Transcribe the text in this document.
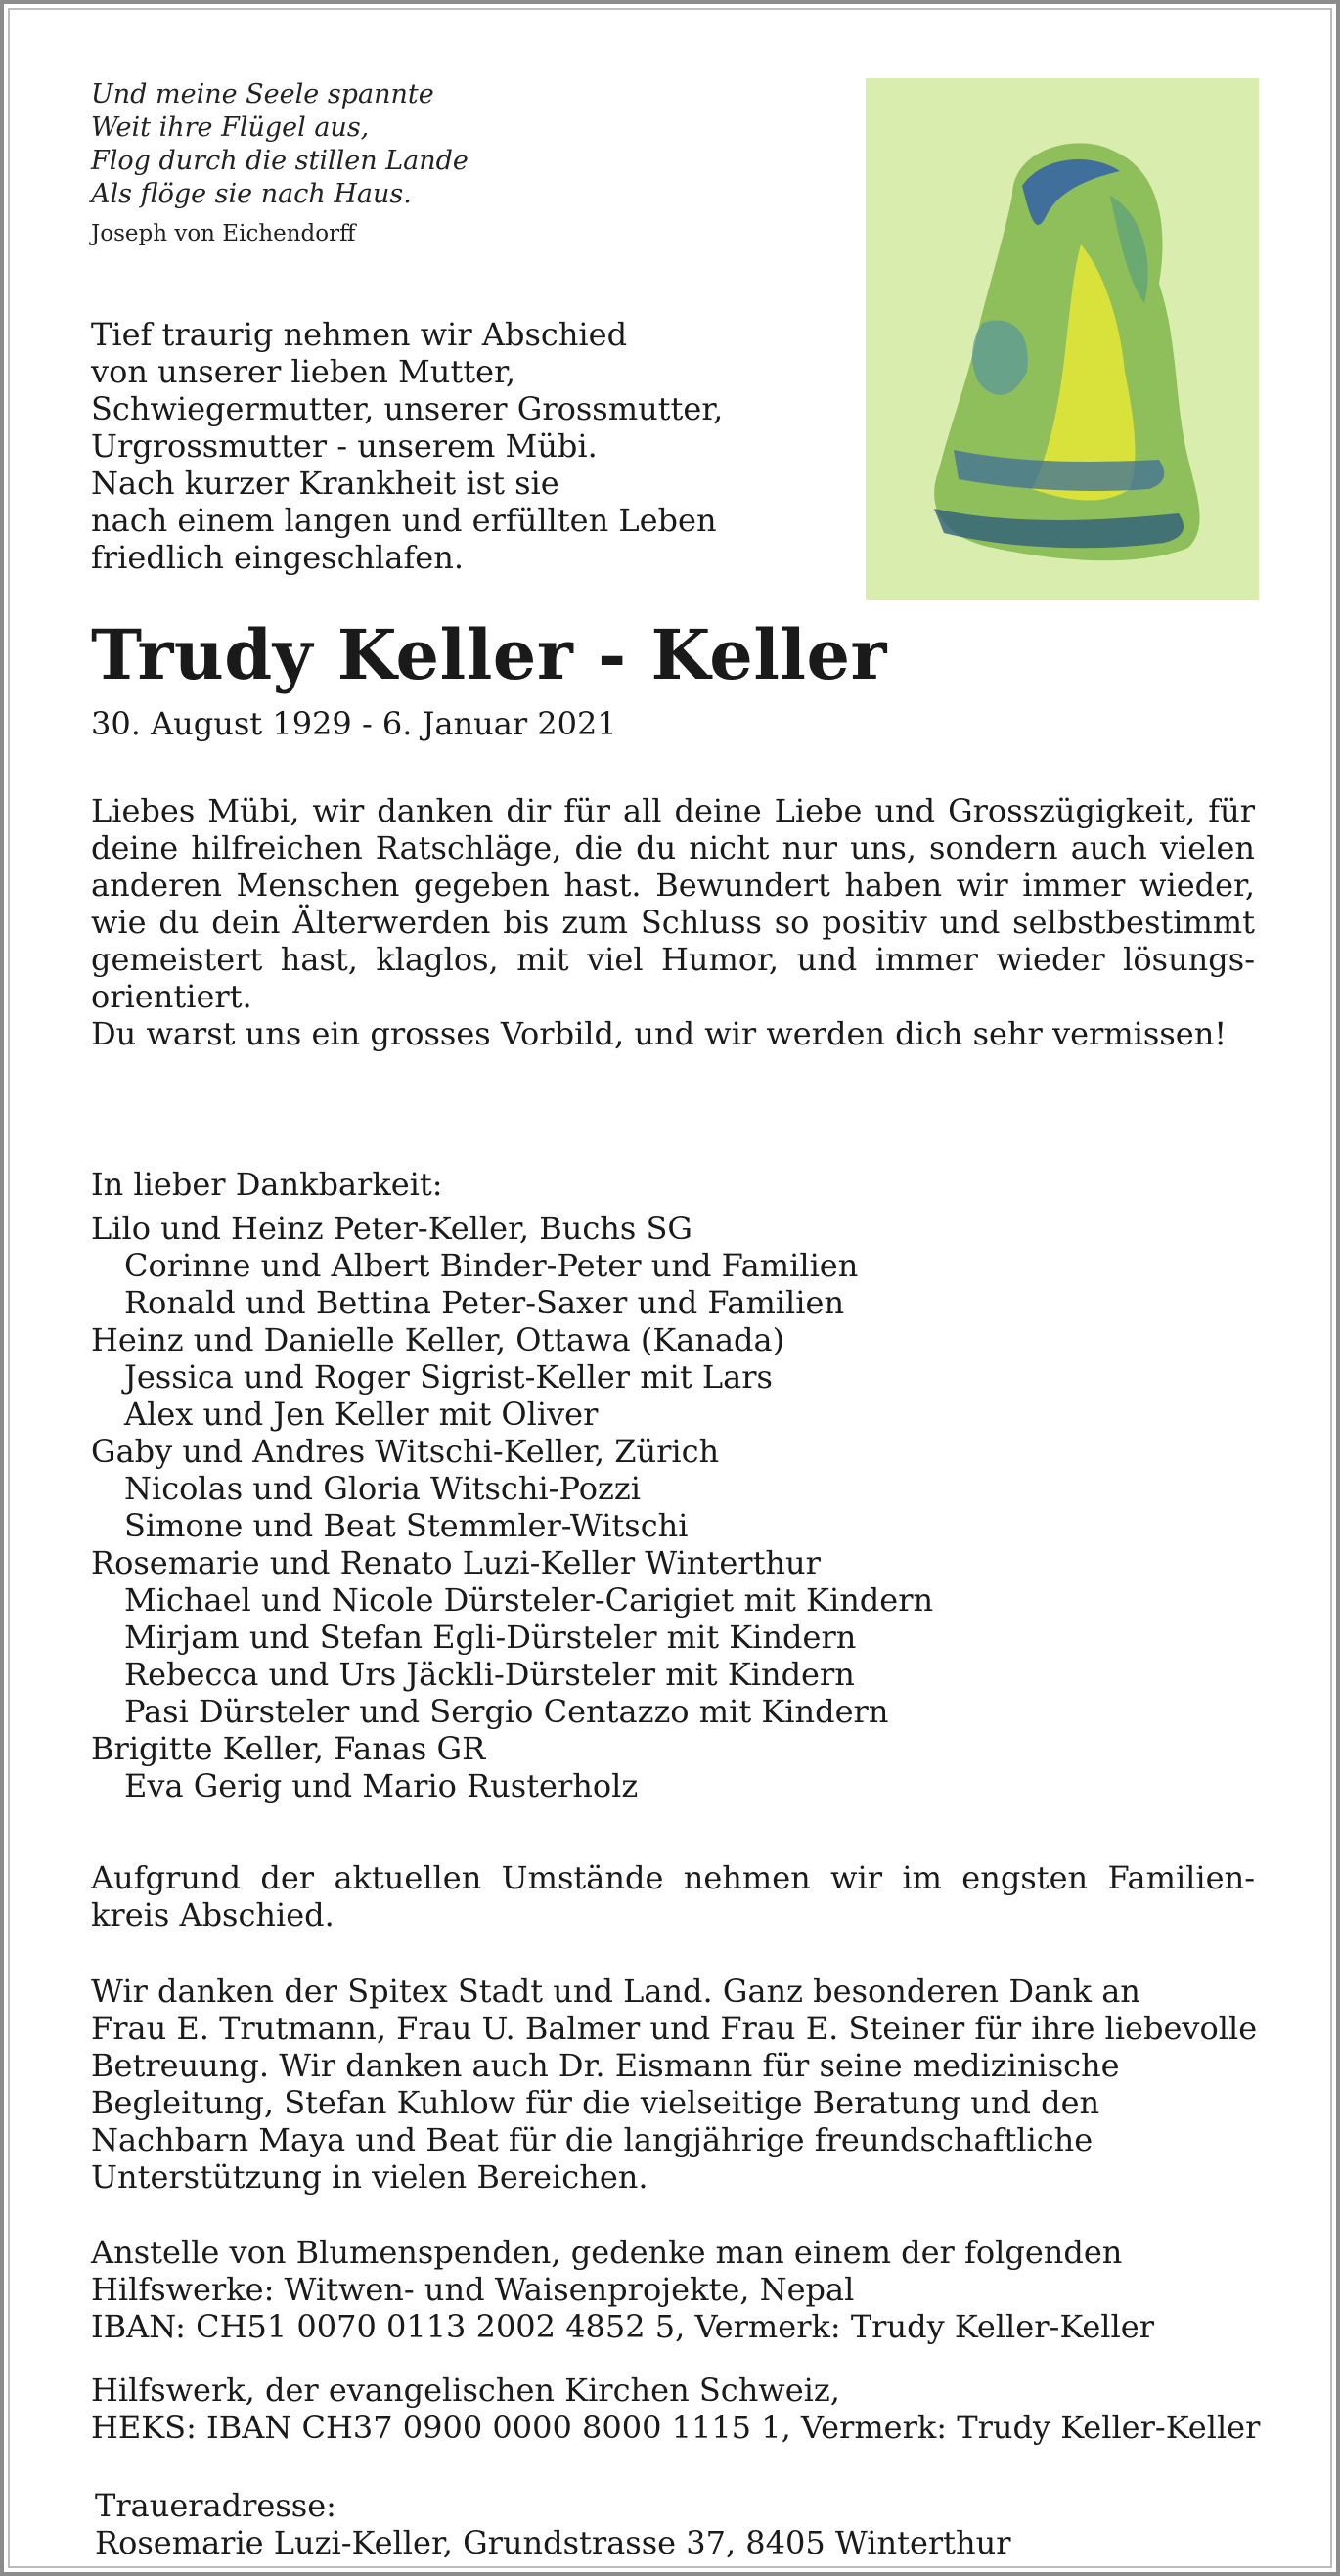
Und meine Seele spannte
Weit ihre Flügel aus,
Flog durch die stillen Lande
Als flöge sie nach Haus.
Joseph von Eichendorff
Tief traurig nehmen wir Abschied
von unserer lieben Mutter,
Schwiegermutter, unserer Grossmutter,
Urgrossmutter - unserem Mübi.
Nach kurzer Krankheit ist sie
nach einem langen und erfüllten Leben
friedlich eingeschlafen.
Trudy Keller - Keller
30. August 1929 - 6. Januar 2021
Liebes Mübi, wir danken dir für all deine Liebe und Grosszügigkeit, für
deine hilfreichen Ratschläge, die du nicht nur uns, sondern auch vielen
anderen Menschen gegeben hast. Bewundert haben wir immer wieder,
wie du dein Älterwerden bis zum Schluss so positiv und selbstbestimmt
gemeistert hast, klaglos, mit viel Humor, und immer wieder lösungs-
orientiert.
Du warst uns ein grosses Vorbild, und wir werden dich sehr vermissen!
In lieber Dankbarkeit:
Lilo und Heinz Peter-Keller, Buchs SG
Corinne und Albert Binder-Peter und Familien
Ronald und Bettina Peter-Saxer und Familien
Heinz und Danielle Keller, Ottawa (Kanada)
Jessica und Roger Sigrist-Keller mit Lars
Alex und Jen Keller mit Oliver
Gaby und Andres Witschi-Keller, Zürich
Nicolas und Gloria Witschi-Pozzi
Simone und Beat Stemmler-Witschi
Rosemarie und Renato Luzi-Keller Winterthur
Michael und Nicole Dürsteler-Carigiet mit Kindern
Mirjam und Stefan Egli-Dürsteler mit Kindern
Rebecca und Urs Jäckli-Dürsteler mit Kindern
Pasi Dürsteler und Sergio Centazzo mit Kindern
Brigitte Keller, Fanas GR
Eva Gerig und Mario Rusterholz
Aufgrund der aktuellen Umstände nehmen wir im engsten Familien-
kreis Abschied.
Wir danken der Spitex Stadt und Land. Ganz besonderen Dank an
Frau E. Trutmann, Frau U. Balmer und Frau E. Steiner für ihre liebevolle
Betreuung. Wir danken auch Dr. Eismann für seine medizinische
Begleitung, Stefan Kuhlow für die vielseitige Beratung und den
Nachbarn Maya und Beat für die langjährige freundschaftliche
Unterstützung in vielen Bereichen.
Anstelle von Blumenspenden, gedenke man einem der folgenden
Hilfswerke: Witwen- und Waisenprojekte, Nepal
IBAN: CH51 0070 0113 2002 4852 5, Vermerk: Trudy Keller-Keller
Hilfswerk, der evangelischen Kirchen Schweiz,
HEKS: IBAN CH37 0900 0000 8000 1115 1, Vermerk: Trudy Keller-Keller
Traueradresse:
Rosemarie Luzi-Keller, Grundstrasse 37, 8405 Winterthur
